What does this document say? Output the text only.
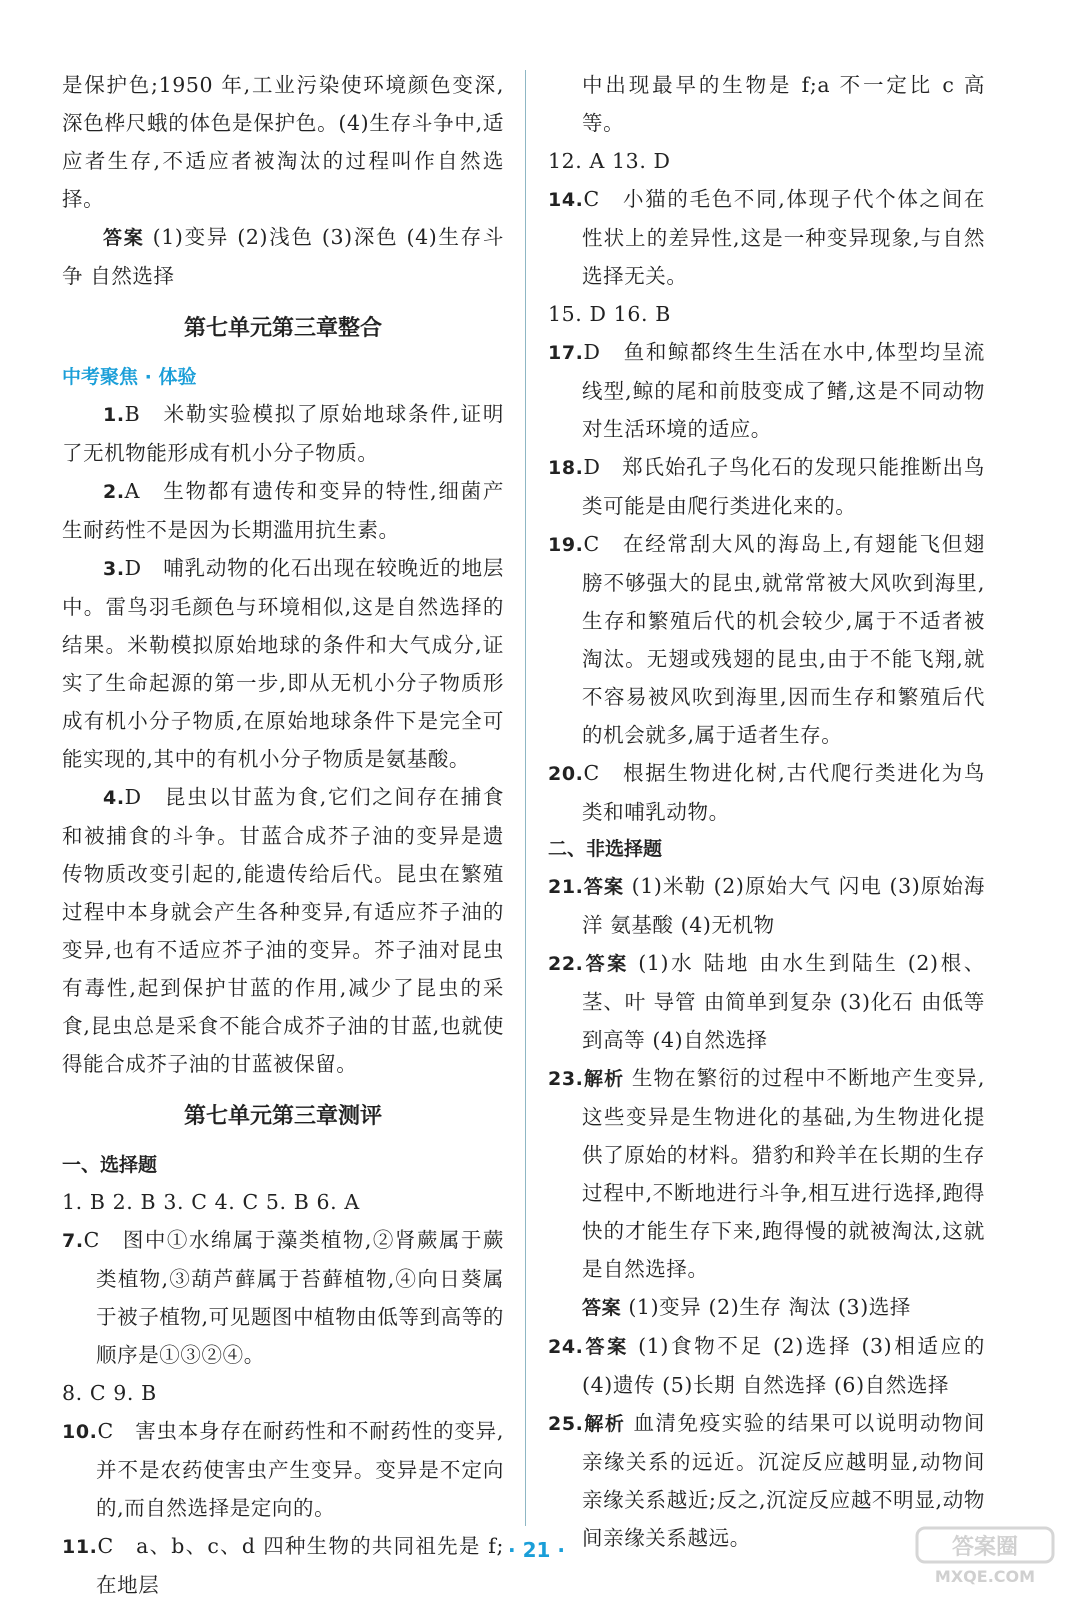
是保护色;1950 年,工业污染使环境颜色变深,深色桦尺蛾的体色是保护色。(4)生存斗争中,适应者生存,不适应者被淘汰的过程叫作自然选择。

答案 (1)变异 (2)浅色 (3)深色 (4)生存斗争 自然选择

第七单元第三章整合
中考聚焦 · 体验

1.B　 米勒实验模拟了原始地球条件,证明了无机物能形成有机小分子物质。

2.A　 生物都有遗传和变异的特性,细菌产生耐药性不是因为长期滥用抗生素。

3.D　 哺乳动物的化石出现在较晚近的地层中。雷鸟羽毛颜色与环境相似,这是自然选择的结果。米勒模拟原始地球的条件和大气成分,证实了生命起源的第一步,即从无机小分子物质形成有机小分子物质,在原始地球条件下是完全可能实现的,其中的有机小分子物质是氨基酸。

4.D　 昆虫以甘蓝为食,它们之间存在捕食和被捕食的斗争。甘蓝合成芥子油的变异是遗传物质改变引起的,能遗传给后代。昆虫在繁殖过程中本身就会产生各种变异,有适应芥子油的变异,也有不适应芥子油的变异。芥子油对昆虫有毒性,起到保护甘蓝的作用,减少了昆虫的采食,昆虫总是采食不能合成芥子油的甘蓝,也就使得能合成芥子油的甘蓝被保留。

第七单元第三章测评
一、选择题

1. B 2. B 3. C 4. C 5. B 6. A

7.C　 图中①水绵属于藻类植物,②肾蕨属于蕨类植物,③葫芦藓属于苔藓植物,④向日葵属于被子植物,可见题图中植物由低等到高等的顺序是①③②④。

8. C 9. B

10.C　 害虫本身存在耐药性和不耐药性的变异,并不是农药使害虫产生变异。变异是不定向的,而自然选择是定向的。

11.C　 a、b、c、d 四种生物的共同祖先是 f;在地层

中出现最早的生物是 f;a 不一定比 c 高等。

12. A 13. D

14.C　 小猫的毛色不同,体现子代个体之间在性状上的差异性,这是一种变异现象,与自然选择无关。

15. D 16. B

17.D　 鱼和鲸都终生生活在水中,体型均呈流线型,鲸的尾和前肢变成了鳍,这是不同动物对生活环境的适应。

18.D　 郑氏始孔子鸟化石的发现只能推断出鸟类可能是由爬行类进化来的。

19.C　 在经常刮大风的海岛上,有翅能飞但翅膀不够强大的昆虫,就常常被大风吹到海里,生存和繁殖后代的机会较少,属于不适者被淘汰。无翅或残翅的昆虫,由于不能飞翔,就不容易被风吹到海里,因而生存和繁殖后代的机会就多,属于适者生存。

20.C　 根据生物进化树,古代爬行类进化为鸟类和哺乳动物。

二、非选择题

21.答案 (1)米勒 (2)原始大气 闪电 (3)原始海洋 氨基酸 (4)无机物

22.答案 (1)水 陆地 由水生到陆生 (2)根、茎、叶 导管 由简单到复杂 (3)化石 由低等到高等 (4)自然选择

23.解析 生物在繁衍的过程中不断地产生变异,这些变异是生物进化的基础,为生物进化提供了原始的材料。猎豹和羚羊在长期的生存过程中,不断地进行斗争,相互进行选择,跑得快的才能生存下来,跑得慢的就被淘汰,这就是自然选择。

答案 (1)变异 (2)生存 淘汰 (3)选择

24.答案 (1)食物不足 (2)选择 (3)相适应的 (4)遗传 (5)长期 自然选择 (6)自然选择

25.解析 血清免疫实验的结果可以说明动物间亲缘关系的远近。沉淀反应越明显,动物间亲缘关系越近;反之,沉淀反应越不明显,动物间亲缘关系越远。

· 21 ·	答案圈
MXQE.COM
